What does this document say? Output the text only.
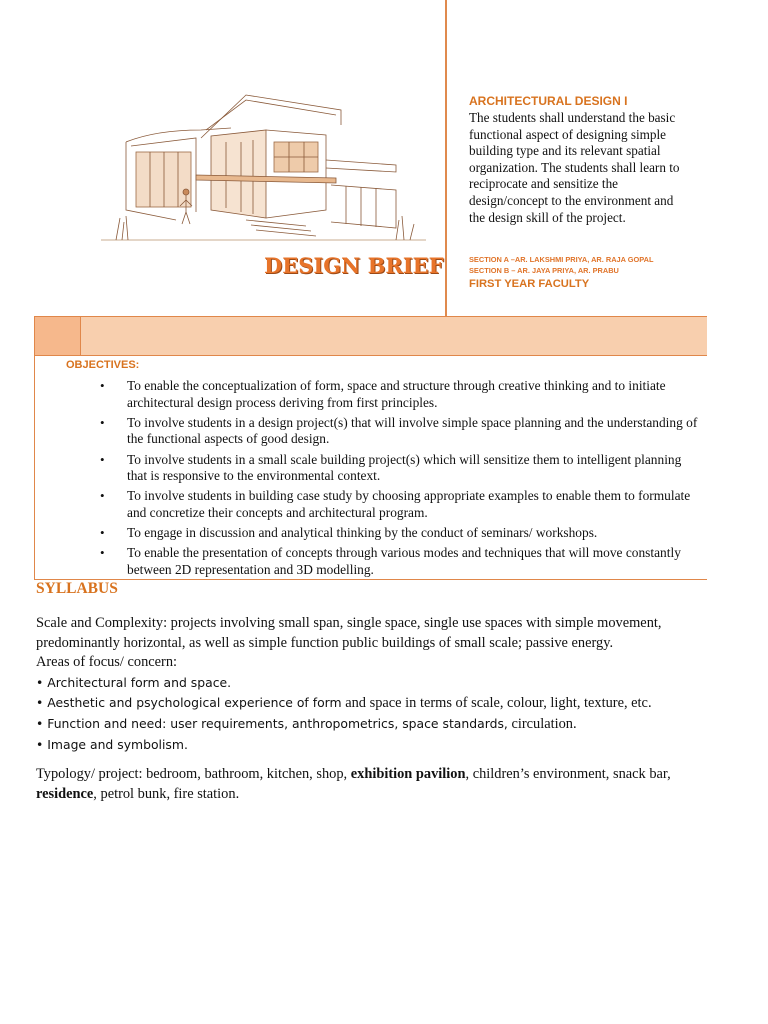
DESIGN BRIEF

ARCHITECTURAL DESIGN I

The students shall understand the basic functional aspect of designing simple building type and its relevant spatial organization. The students shall learn to reciprocate and sensitize the design/concept to the environment and the design skill of the project.

SECTION A –AR. LAKSHMI PRIYA, AR. RAJA GOPAL

SECTION B – AR. JAYA PRIYA, AR. PRABU

FIRST YEAR FACULTY

OBJECTIVES:

• To enable the conceptualization of form, space and structure through creative thinking and to initiate architectural design process deriving from first principles.
• To involve students in a design project(s) that will involve simple space planning and the understanding of the functional aspects of good design.
• To involve students in a small scale building project(s) which will sensitize them to intelligent planning that is responsive to the environmental context.
• To involve students in building case study by choosing appropriate examples to enable them to formulate and concretize their concepts and architectural program.
• To engage in discussion and analytical thinking by the conduct of seminars/ workshops.
• To enable the presentation of concepts through various modes and techniques that will move constantly between 2D representation and 3D modelling.
SYLLABUS

Scale and Complexity: projects involving small span, single space, single use spaces with simple movement, predominantly horizontal, as well as simple function public buildings of small scale; passive energy.

Areas of focus/ concern:

• Architectural form and space.

• Aesthetic and psychological experience of form and space in terms of scale, colour, light, texture, etc.

• Function and need: user requirements, anthropometrics, space standards, circulation.

• Image and symbolism.

Typology/ project: bedroom, bathroom, kitchen, shop, exhibition pavilion, children’s environment, snack bar, residence, petrol bunk, fire station.
